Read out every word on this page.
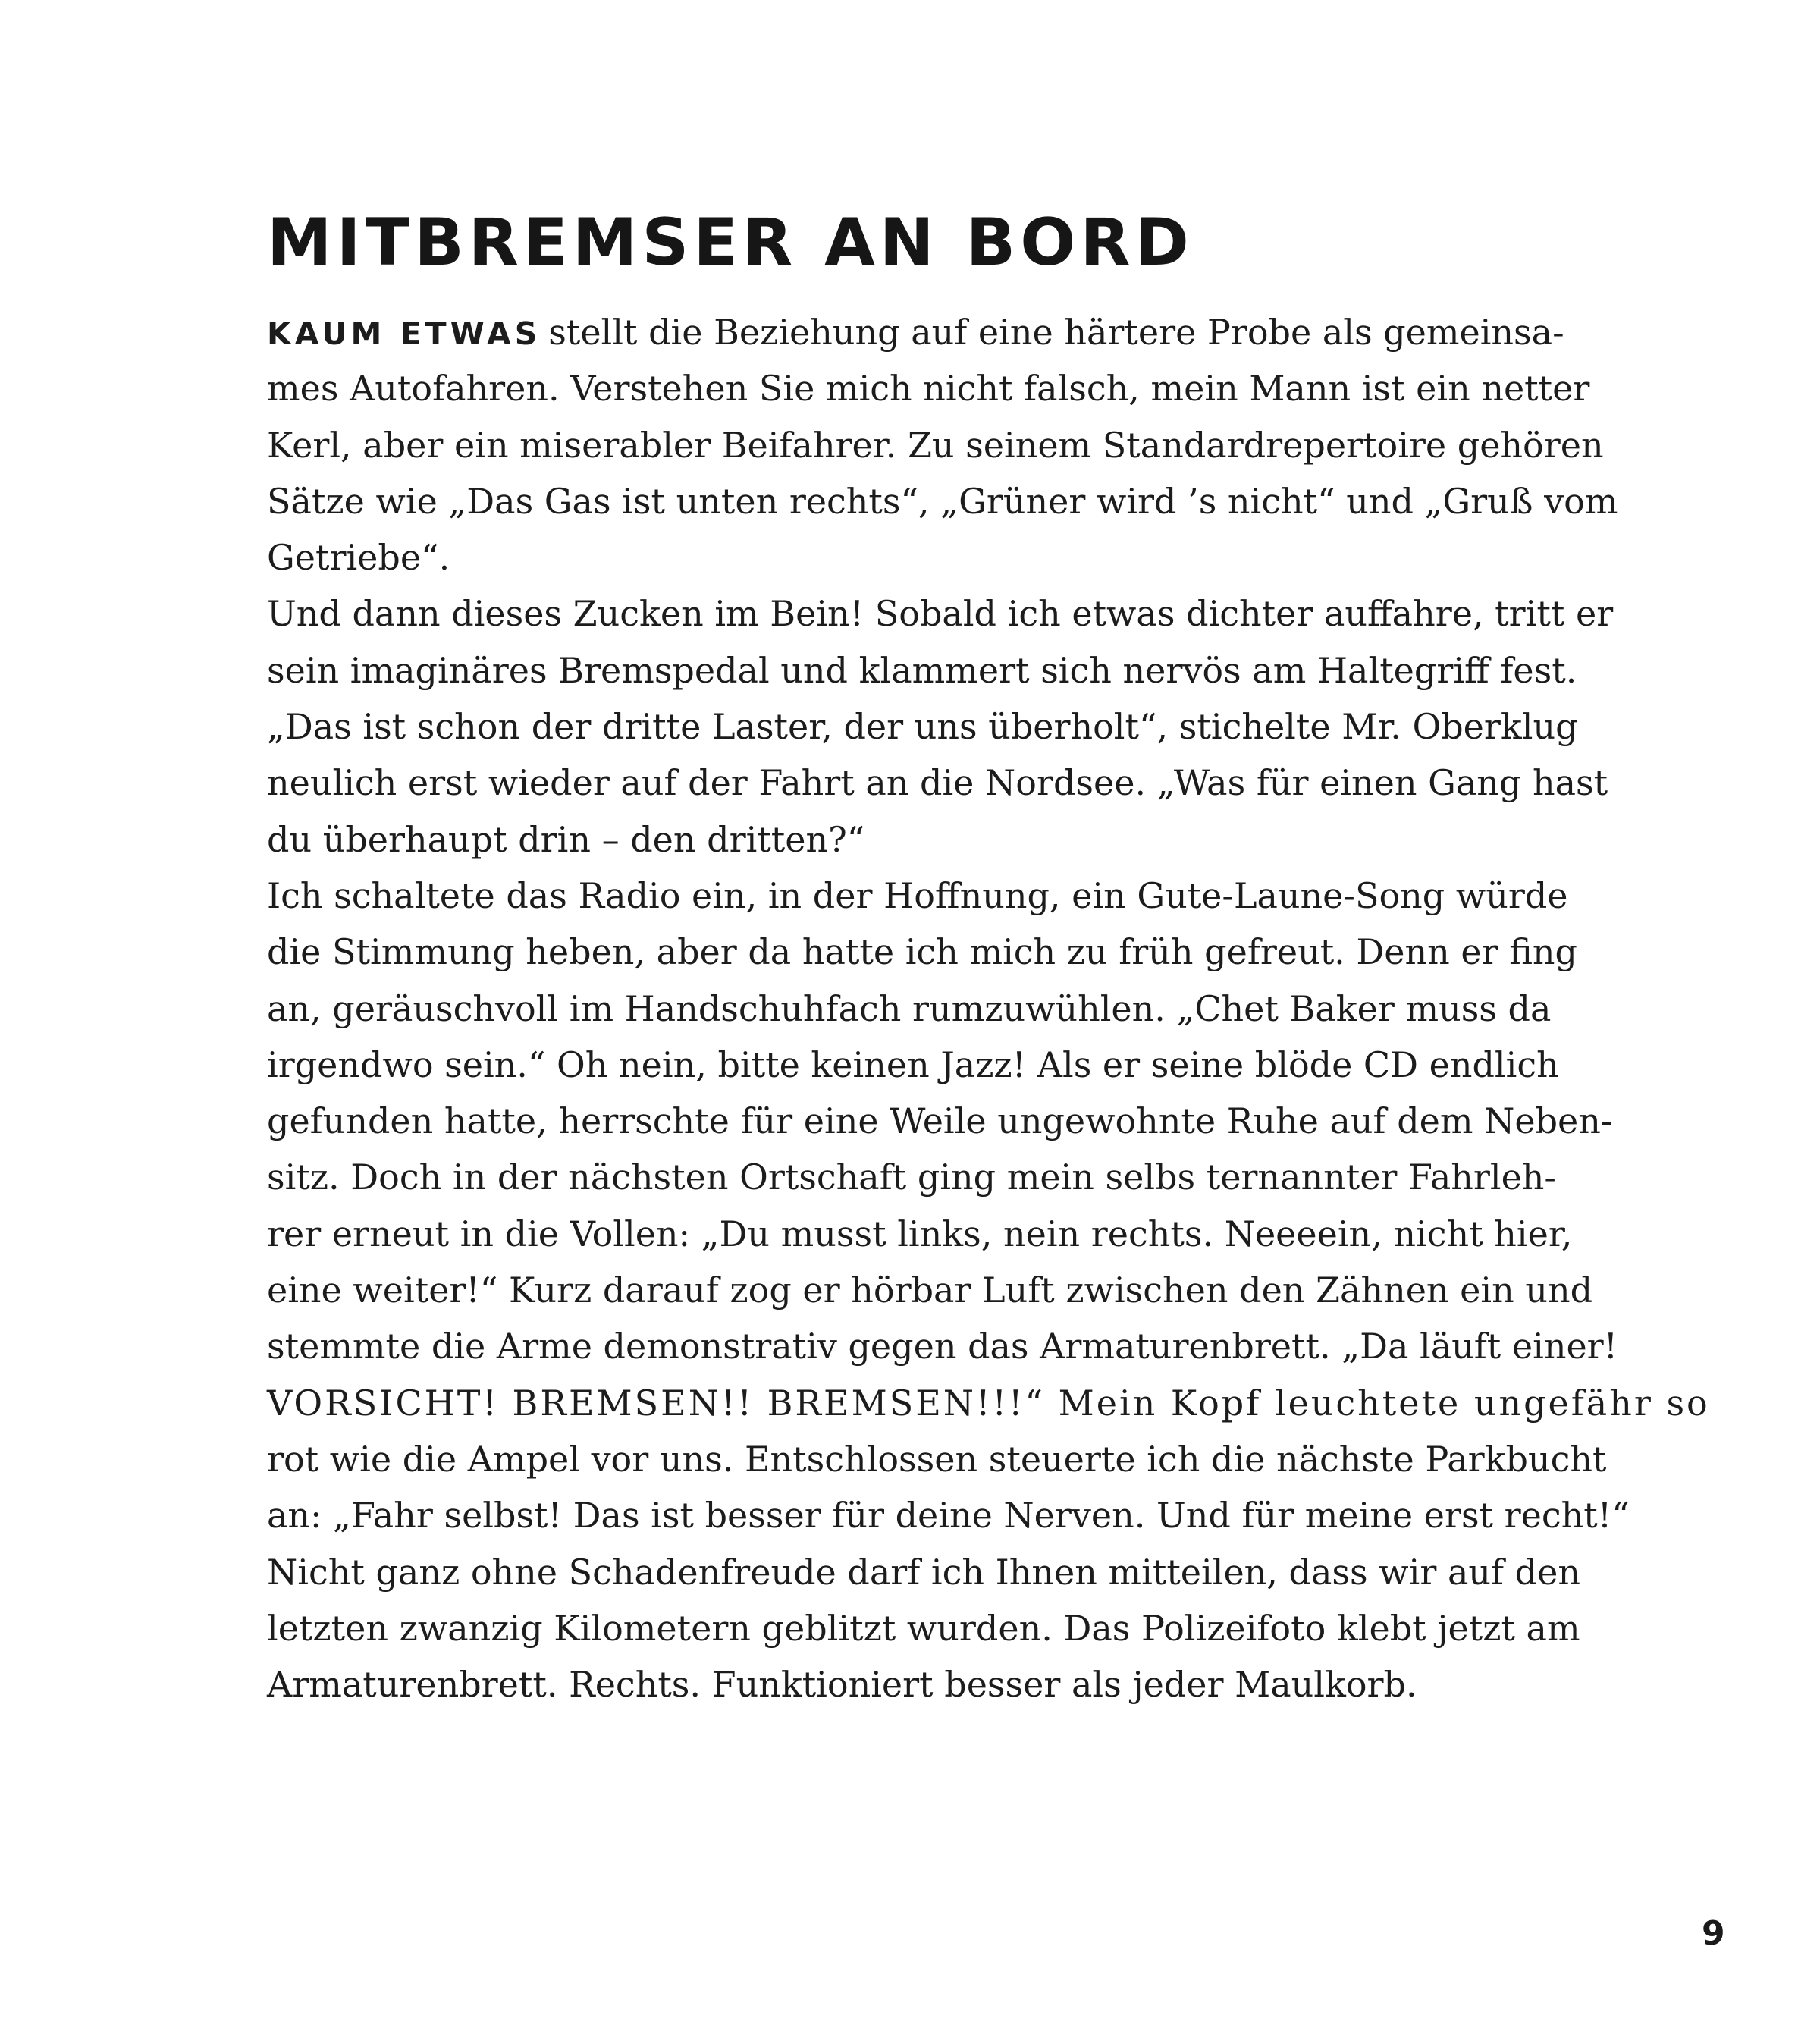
MITBREMSER AN BORD
KAUM ETWAS stellt die Beziehung auf eine härtere Probe als gemeinsa-
mes Autofahren. Verstehen Sie mich nicht falsch, mein Mann ist ein netter
Kerl, aber ein miserabler Beifahrer. Zu seinem Standardrepertoire gehören
Sätze wie „Das Gas ist unten rechts“, „Grüner wird ’s nicht“ und „Gruß vom
Getriebe“.
Und dann dieses Zucken im Bein! Sobald ich etwas dichter auffahre, tritt er
sein imaginäres Bremspedal und klammert sich nervös am Haltegriff fest.
„Das ist schon der dritte Laster, der uns überholt“, stichelte Mr. Oberklug
neulich erst wieder auf der Fahrt an die Nordsee. „Was für einen Gang hast
du überhaupt drin – den dritten?“
Ich schaltete das Radio ein, in der Hoffnung, ein Gute-Laune-Song würde
die Stimmung heben, aber da hatte ich mich zu früh gefreut. Denn er fing
an, geräuschvoll im Handschuhfach rumzuwühlen. „Chet Baker muss da
irgendwo sein.“ Oh nein, bitte keinen Jazz! Als er seine blöde CD endlich
gefunden hatte, herrschte für eine Weile ungewohnte Ruhe auf dem Neben-
sitz. Doch in der nächsten Ortschaft ging mein selbs ternannter Fahrleh-
rer erneut in die Vollen: „Du musst links, nein rechts. Neeeein, nicht hier,
eine weiter!“ Kurz darauf zog er hörbar Luft zwischen den Zähnen ein und
stemmte die Arme demonstrativ gegen das Armaturenbrett. „Da läuft einer!
VORSICHT! BREMSEN!! BREMSEN!!!“ Mein Kopf leuchtete ungefähr so
rot wie die Ampel vor uns. Entschlossen steuerte ich die nächste Parkbucht
an: „Fahr selbst! Das ist besser für deine Nerven. Und für meine erst recht!“
Nicht ganz ohne Schadenfreude darf ich Ihnen mitteilen, dass wir auf den
letzten zwanzig Kilometern geblitzt wurden. Das Polizeifoto klebt jetzt am
Armaturenbrett. Rechts. Funktioniert besser als jeder Maulkorb.
9
